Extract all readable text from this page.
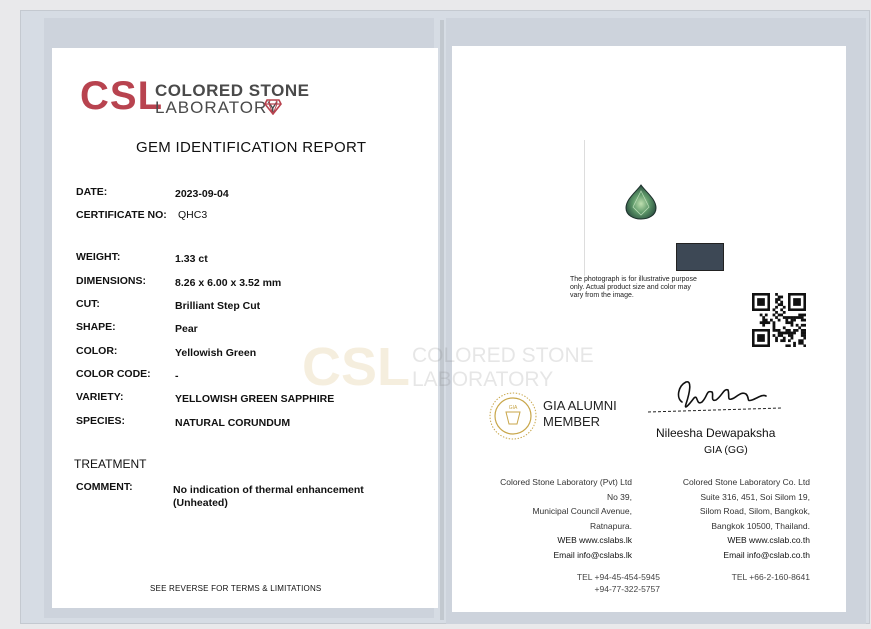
CSL
COLORED STONE
LABORATORY
GEM IDENTIFICATION REPORT
DATE:	2023-09-04
CERTIFICATE NO: QHC3
WEIGHT:	1.33 ct
DIMENSIONS:	8.26 x 6.00 x 3.52 mm
CUT:	Brilliant Step Cut
SHAPE:	Pear
COLOR:	Yellowish Green
COLOR CODE: -
VARIETY:	YELLOWISH GREEN SAPPHIRE
SPECIES:	NATURAL CORUNDUM
TREATMENT
COMMENT:	No indication of thermal enhancement
(Unheated)
SEE REVERSE FOR TERMS & LIMITATIONS
CSL COLORED STONE
LABORATORY
The photograph is for illustrative purpose
only. Actual product size and color may
vary from the image.
GIA GIA ALUMNI
MEMBER
Nileesha Dewapaksha
GIA (GG)
Colored Stone Laboratory (Pvt) Ltd
No 39,
Municipal Council Avenue,
Ratnapura.
WEB www.cslabs.lk
Email info@cslabs.lk
Colored Stone Laboratory Co. Ltd
Suite 316, 451, Soi Silom 19,
Silom Road, Silom, Bangkok,
Bangkok 10500, Thailand.
WEB www.cslab.co.th
Email info@cslab.co.th
TEL +94-45-454-5945
+94-77-322-5757
TEL +66-2-160-8641
